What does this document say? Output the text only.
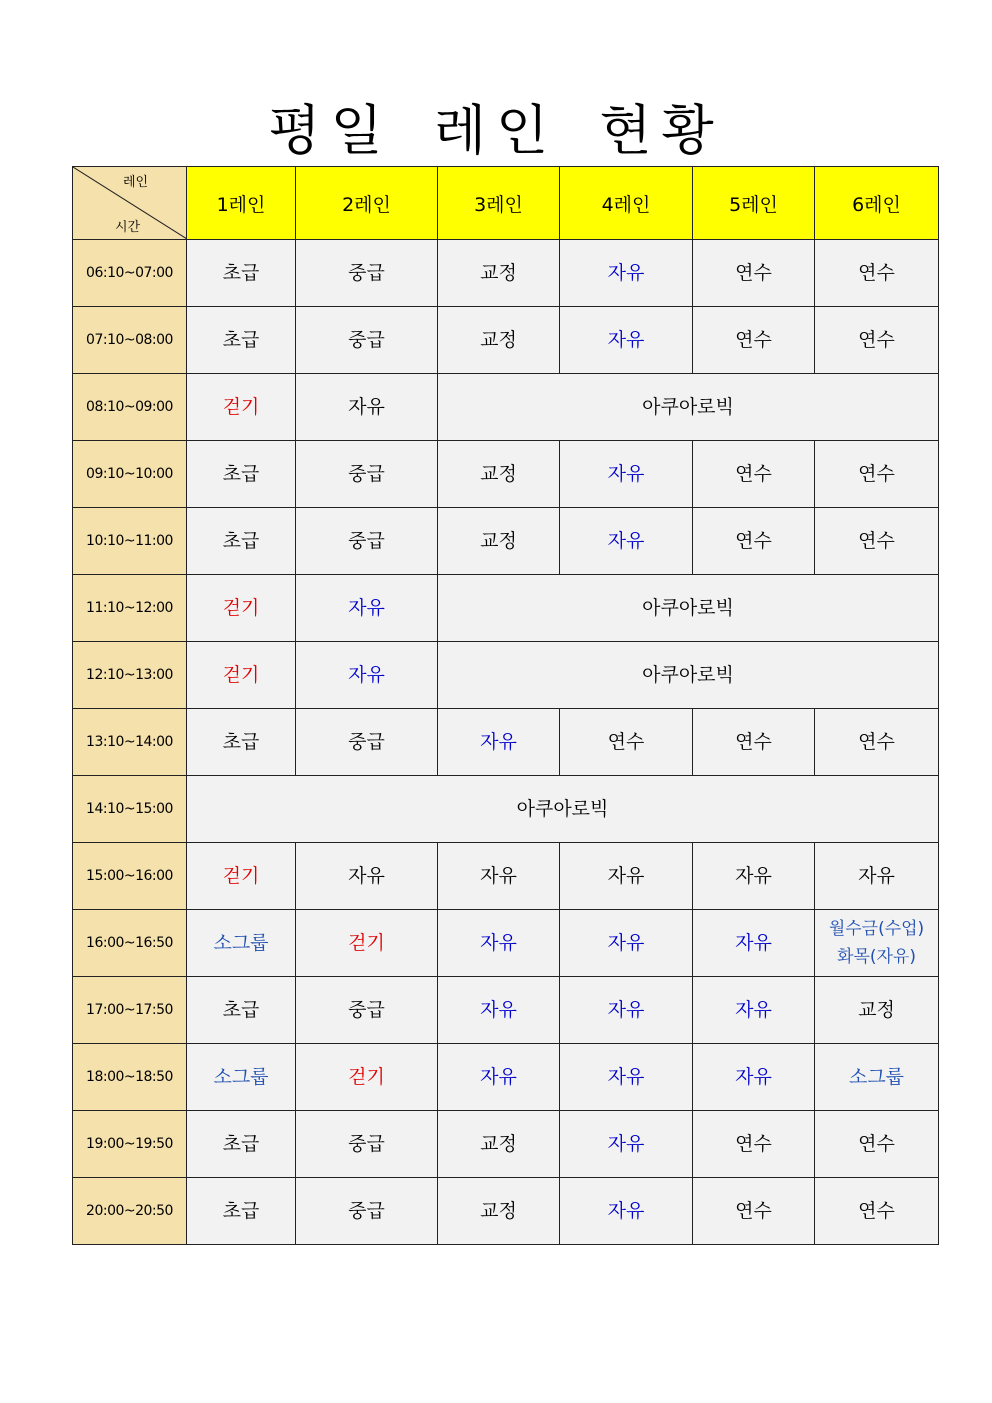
평일 레인 현황
레인
시간	1레인	2레인	3레인	4레인	5레인	6레인
06:10~07:00	초급	중급	교정	자유	연수	연수
07:10~08:00	초급	중급	교정	자유	연수	연수
08:10~09:00	걷기	자유	아쿠아로빅			
09:10~10:00	초급	중급	교정	자유	연수	연수
10:10~11:00	초급	중급	교정	자유	연수	연수
11:10~12:00	걷기	자유	아쿠아로빅			
12:10~13:00	걷기	자유	아쿠아로빅			
13:10~14:00	초급	중급	자유	연수	연수	연수
14:10~15:00	아쿠아로빅					
15:00~16:00	걷기	자유	자유	자유	자유	자유
16:00~16:50	소그룹	걷기	자유	자유	자유	월수금(수업)
화목(자유)

17:00~17:50	초급	중급	자유	자유	자유	교정
18:00~18:50	소그룹	걷기	자유	자유	자유	소그룹
19:00~19:50	초급	중급	교정	자유	연수	연수
20:00~20:50	초급	중급	교정	자유	연수	연수
